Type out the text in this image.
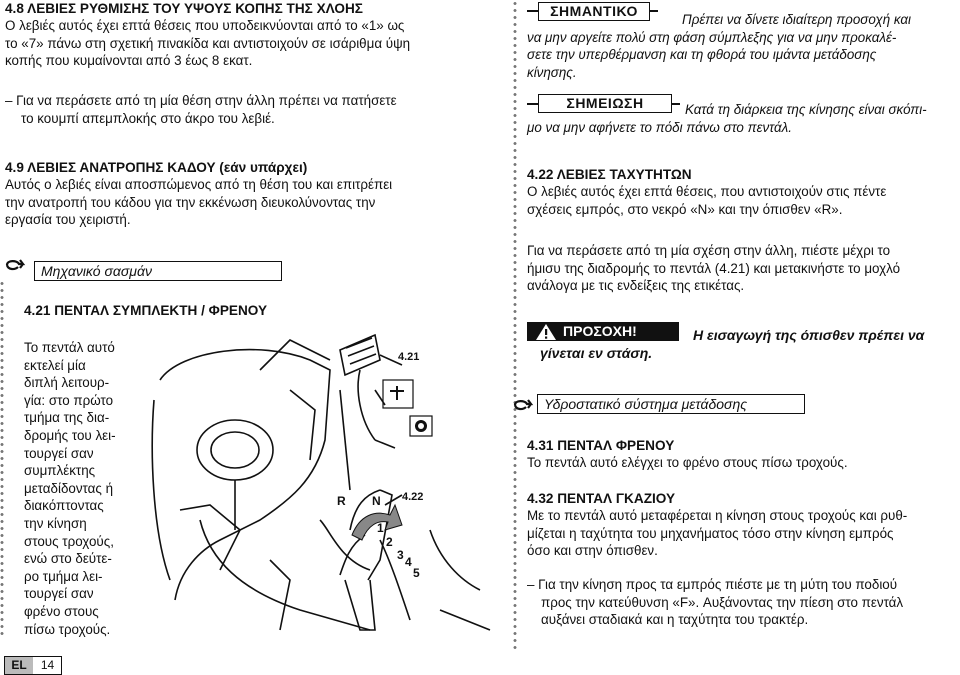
4.8 ΛΕΒΙΕΣ ΡΥΘΜΙΣΗΣ ΤΟΥ ΥΨΟΥΣ ΚΟΠΗΣ ΤΗΣ ΧΛΟΗΣ
Ο λεβιές αυτός έχει επτά θέσεις που υποδεικνύονται από το «1» ως
το «7» πάνω στη σχετική πινακίδα και αντιστοιχούν σε ισάριθμα ύψη
κοπής που κυμαίνονται από 3 έως 8 εκατ.
– Για να περάσετε από τη μία θέση στην άλλη πρέπει να πατήσετε
το κουμπί απεμπλοκής στο άκρο του λεβιέ.
4.9 ΛΕΒΙΕΣ ΑΝΑΤΡΟΠΗΣ ΚΑΔΟΥ (εάν υπάρχει)
Αυτός ο λεβιές είναι αποσπώμενος από τη θέση του και επιτρέπει
την ανατροπή του κάδου για την εκκένωση διευκολύνοντας την
εργασία του χειριστή.
Μηχανικό σασμάν
4.21 ΠΕΝΤΑΛ ΣΥΜΠΛΕΚΤΗ / ΦΡΕΝΟΥ
Το πεντάλ αυτό
εκτελεί μία
διπλή λειτουρ-
γία: στο πρώτο
τμήμα της δια-
δρομής του λει-
τουργεί σαν
συμπλέκτης
μεταδίδοντας ή
διακόπτοντας
την κίνηση
στους τροχούς,
ενώ στο δεύτε-
ρο τμήμα λει-
τουργεί σαν
φρένο στους
πίσω τροχούς.
4.21
4.22
R N
1
2
3 4
5
ΣΗΜΑΝΤΙΚΟ
Πρέπει να δίνετε ιδιαίτερη προσοχή και
να μην αργείτε πολύ στη φάση σύμπλεξης για να μην προκαλέ-
σετε την υπερθέρμανση και τη φθορά του ιμάντα μετάδοσης
κίνησης.
ΣΗΜΕΙΩΣΗ	Κατά τη διάρκεια της κίνησης είναι σκόπι-
μο να μην αφήνετε το πόδι πάνω στο πεντάλ.
4.22 ΛΕΒΙΕΣ ΤΑΧΥΤΗΤΩΝ
Ο λεβιές αυτός έχει επτά θέσεις, που αντιστοιχούν στις πέντε
σχέσεις εμπρός, στο νεκρό «N» και την όπισθεν «R».
Για να περάσετε από τη μία σχέση στην άλλη, πιέστε μέχρι το
ήμισυ της διαδρομής το πεντάλ (4.21) και μετακινήστε το μοχλό
ανάλογα με τις ενδείξεις της ετικέτας.
ΠΡΟΣΟΧΗ!	Η εισαγωγή της όπισθεν πρέπει να
γίνεται εν στάση.
Υδροστατικό σύστημα μετάδοσης
4.31 ΠΕΝΤΑΛ ΦΡΕΝΟΥ
Το πεντάλ αυτό ελέγχει το φρένο στους πίσω τροχούς.
4.32 ΠΕΝΤΑΛ ΓΚΑΖΙΟΥ
Με το πεντάλ αυτό μεταφέρεται η κίνηση στους τροχούς και ρυθ-
μίζεται η ταχύτητα του μηχανήματος τόσο στην κίνηση εμπρός
όσο και στην όπισθεν.
– Για την κίνηση προς τα εμπρός πιέστε με τη μύτη του ποδιού
προς την κατεύθυνση «F». Αυξάνοντας την πίεση στο πεντάλ
αυξάνει σταδιακά και η ταχύτητα του τρακτέρ.
EL	14
